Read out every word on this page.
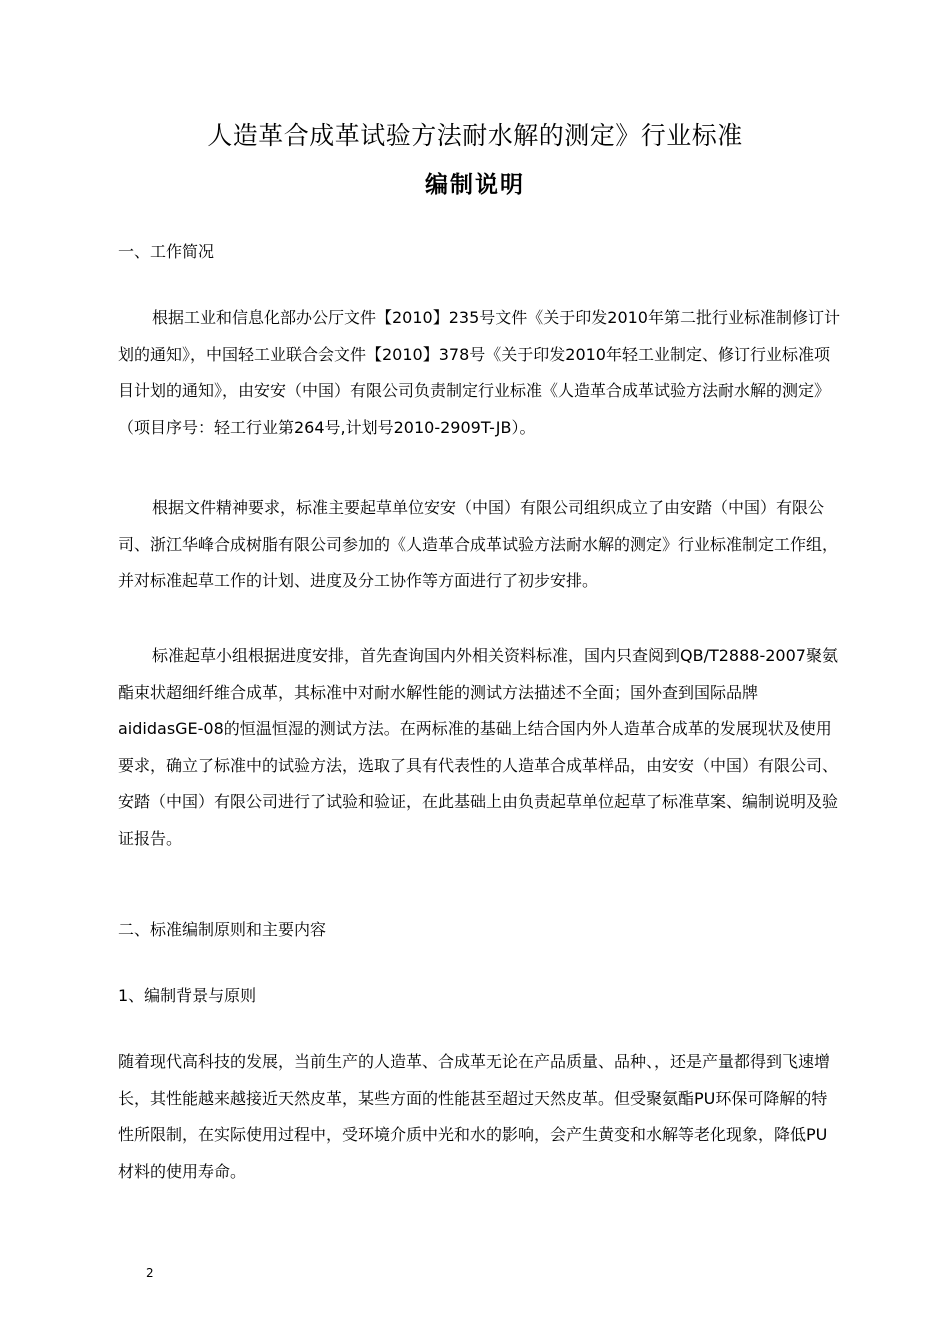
人造革合成革试验方法耐水解的测定》行业标准
编制说明
一、工作简况
根据工业和信息化部办公厅文件【2010】235号文件《关于印发2010年第二批行业标准制修订计划的通知》，中国轻工业联合会文件【2010】378号《关于印发2010年轻工业制定、修订行业标准项目计划的通知》，由安安（中国）有限公司负责制定行业标准《人造革合成革试验方法耐水解的测定》（项目序号：轻工行业第264号,计划号2010-2909T-JB）。
根据文件精神要求，标准主要起草单位安安（中国）有限公司组织成立了由安踏（中国）有限公司、浙江华峰合成树脂有限公司参加的《人造革合成革试验方法耐水解的测定》行业标准制定工作组，并对标准起草工作的计划、进度及分工协作等方面进行了初步安排。
标准起草小组根据进度安排，首先查询国内外相关资料标准，国内只查阅到QB/T2888-2007聚氨酯束状超细纤维合成革，其标准中对耐水解性能的测试方法描述不全面；国外查到国际品牌aididasGE-08的恒温恒湿的测试方法。在两标准的基础上结合国内外人造革合成革的发展现状及使用要求，确立了标准中的试验方法，选取了具有代表性的人造革合成革样品，由安安（中国）有限公司、安踏（中国）有限公司进行了试验和验证，在此基础上由负责起草单位起草了标准草案、编制说明及验证报告。
二、标准编制原则和主要内容
1、编制背景与原则
随着现代高科技的发展，当前生产的人造革、合成革无论在产品质量、品种、，还是产量都得到飞速增长，其性能越来越接近天然皮革，某些方面的性能甚至超过天然皮革。但受聚氨酯PU环保可降解的特性所限制，在实际使用过程中，受环境介质中光和水的影响，会产生黄变和水解等老化现象，降低PU材料的使用寿命。
2
